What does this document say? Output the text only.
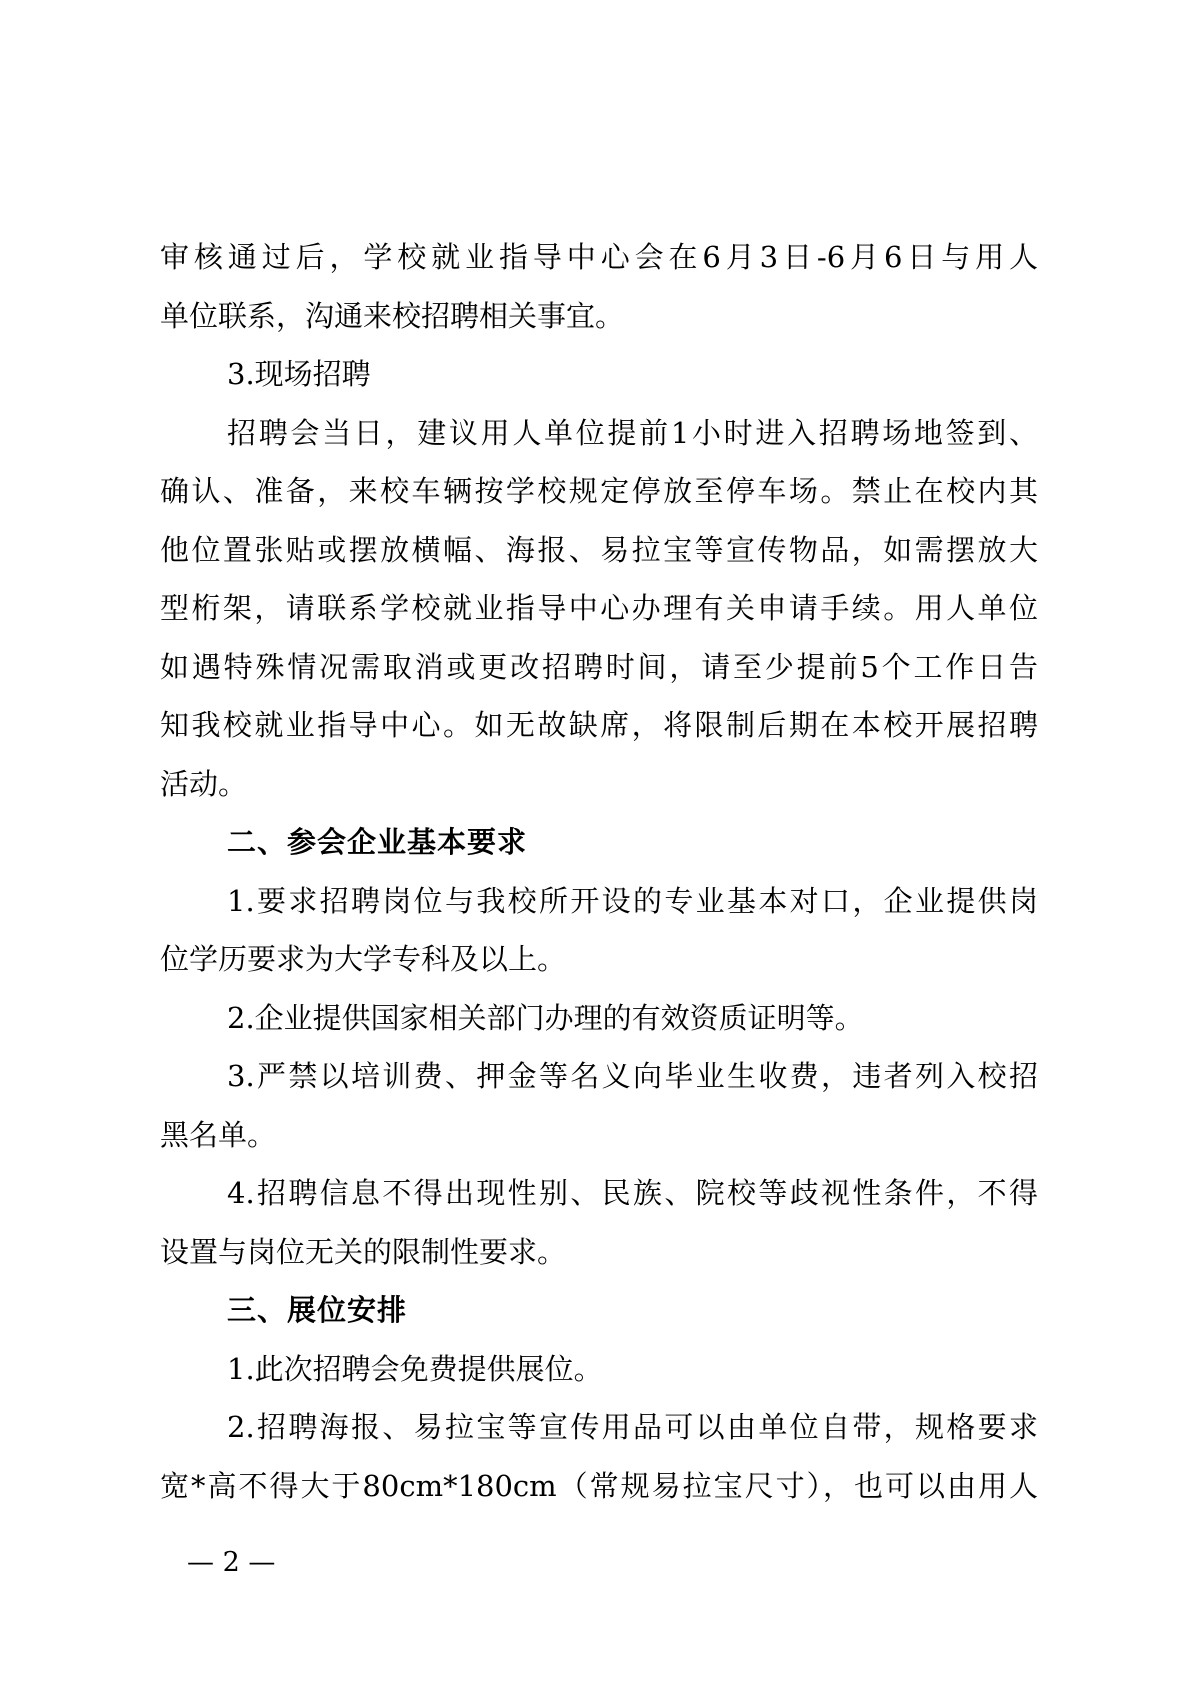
审核通过后，学校就业指导中心会在6月3日-6月6日与用人
单位联系，沟通来校招聘相关事宜。
3.现场招聘
招聘会当日，建议用人单位提前1小时进入招聘场地签到、
确认、准备，来校车辆按学校规定停放至停车场。禁止在校内其
他位置张贴或摆放横幅、海报、易拉宝等宣传物品，如需摆放大
型桁架，请联系学校就业指导中心办理有关申请手续。用人单位
如遇特殊情况需取消或更改招聘时间，请至少提前5个工作日告
知我校就业指导中心。如无故缺席，将限制后期在本校开展招聘
活动。
二、参会企业基本要求
1.要求招聘岗位与我校所开设的专业基本对口，企业提供岗
位学历要求为大学专科及以上。
2.企业提供国家相关部门办理的有效资质证明等。
3.严禁以培训费、押金等名义向毕业生收费，违者列入校招
黑名单。
4.招聘信息不得出现性别、民族、院校等歧视性条件，不得
设置与岗位无关的限制性要求。
三、展位安排
1.此次招聘会免费提供展位。
2.招聘海报、易拉宝等宣传用品可以由单位自带，规格要求
宽*高不得大于80cm*180cm（常规易拉宝尺寸），也可以由用人
— 2 —
